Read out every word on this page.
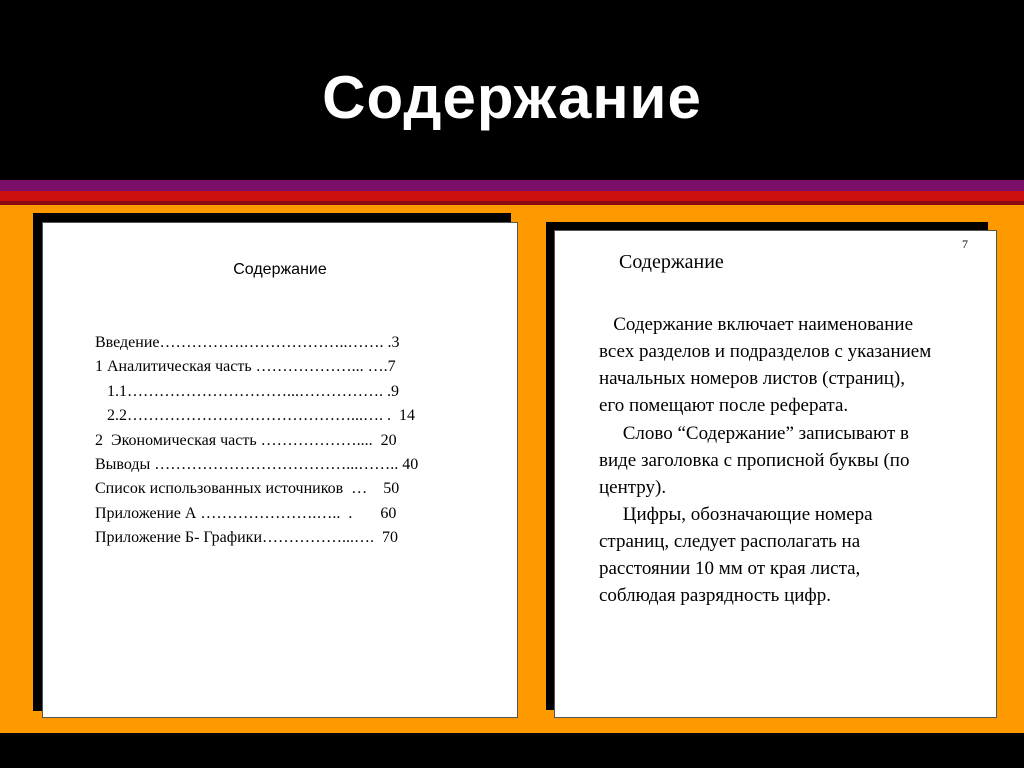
Содержание
Содержание
Введение…………….………………..……. .3
1 Аналитическая часть ………………... ….7
1.1…………………………...……………. .9
2.2……………………………………...…. .  14
2  Экономическая часть ………………....  20
Выводы ………………………………...…….. 40
Список использованных источников  …    50
Приложение А ………………….…..  .       60
Приложение Б- Графики……………...….  70
7
Содержание

Содержание включает наименование
всех разделов и подразделов с указанием
начальных номеров листов (страниц),
его помещают после реферата.

Слово “Содержание” записывают в
виде заголовка с прописной буквы (по
центру).

Цифры, обозначающие номера
страниц, следует располагать на
расстоянии 10 мм от края листа,
соблюдая разрядность цифр.
